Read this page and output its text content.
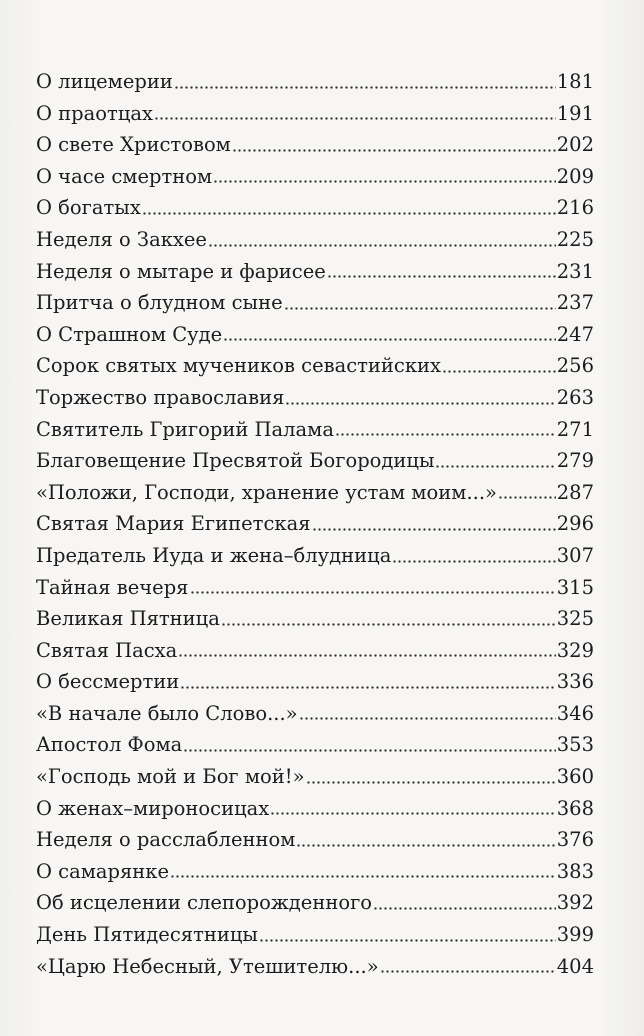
О лицемерии	181
О праотцах	191
О свете Христовом	202
О часе смертном	209
О богатых	216
Неделя о Закхее	225
Неделя о мытаре и фарисее	231
Притча о блудном сыне	237
О Страшном Суде	247
Сорок святых мучеников севастийских	256
Торжество православия	263
Святитель Григорий Палама	271
Благовещение Пресвятой Богородицы	279
«Положи, Господи, хранение устам моим...»	287
Святая Мария Египетская	296
Предатель Иуда и жена–блудница	307
Тайная вечеря	315
Великая Пятница	325
Святая Пасха	329
О бессмертии	336
«В начале было Слово...»	346
Апостол Фома	353
«Господь мой и Бог мой!»	360
О женах–мироносицах	368
Неделя о расслабленном	376
О самарянке	383
Об исцелении слепорожденного	392
День Пятидесятницы	399
«Царю Небесный, Утешителю...»	404
